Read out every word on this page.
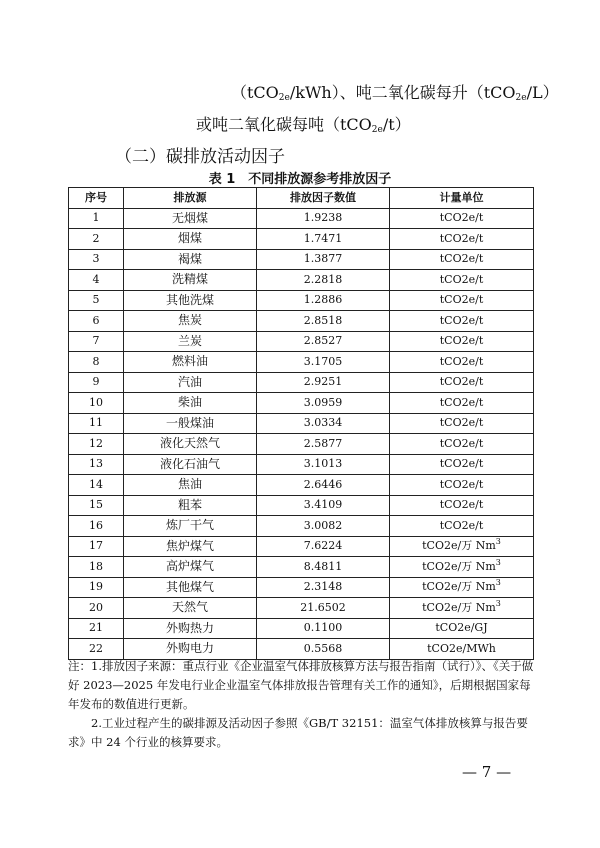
（tCO$_{2e}$/kWh）、吨二氧化碳每升（tCO$_{2e}$/L）
或吨二氧化碳每吨（tCO$_{2e}$/t）
（二）碳排放活动因子
表 1　不同排放源参考排放因子
序号	排放源	排放因子数值	计量单位
1	无烟煤	1.9238	tCO2e/t
2	烟煤	1.7471	tCO2e/t
3	褐煤	1.3877	tCO2e/t
4	洗精煤	2.2818	tCO2e/t
5	其他洗煤	1.2886	tCO2e/t
6	焦炭	2.8518	tCO2e/t
7	兰炭	2.8527	tCO2e/t
8	燃料油	3.1705	tCO2e/t
9	汽油	2.9251	tCO2e/t
10	柴油	3.0959	tCO2e/t
11	一般煤油	3.0334	tCO2e/t
12	液化天然气	2.5877	tCO2e/t
13	液化石油气	3.1013	tCO2e/t
14	焦油	2.6446	tCO2e/t
15	粗苯	3.4109	tCO2e/t
16	炼厂干气	3.0082	tCO2e/t
17	焦炉煤气	7.6224	tCO2e/万 Nm$^3$
18	高炉煤气	8.4811	tCO2e/万 Nm$^3$
19	其他煤气	2.3148	tCO2e/万 Nm$^3$
20	天然气	21.6502	tCO2e/万 Nm$^3$
21	外购热力	0.1100	tCO2e/GJ
22	外购电力	0.5568	tCO2e/MWh

注：1.排放因子来源：重点行业《企业温室气体排放核算方法与报告指南（试行）》、《关于做好 2023—2025 年发电行业企业温室气体排放报告管理有关工作的通知》，后期根据国家每年发布的数值进行更新。

2.工业过程产生的碳排源及活动因子参照《GB/T 32151：温室气体排放核算与报告要求》中 24 个行业的核算要求。

— 7 —
